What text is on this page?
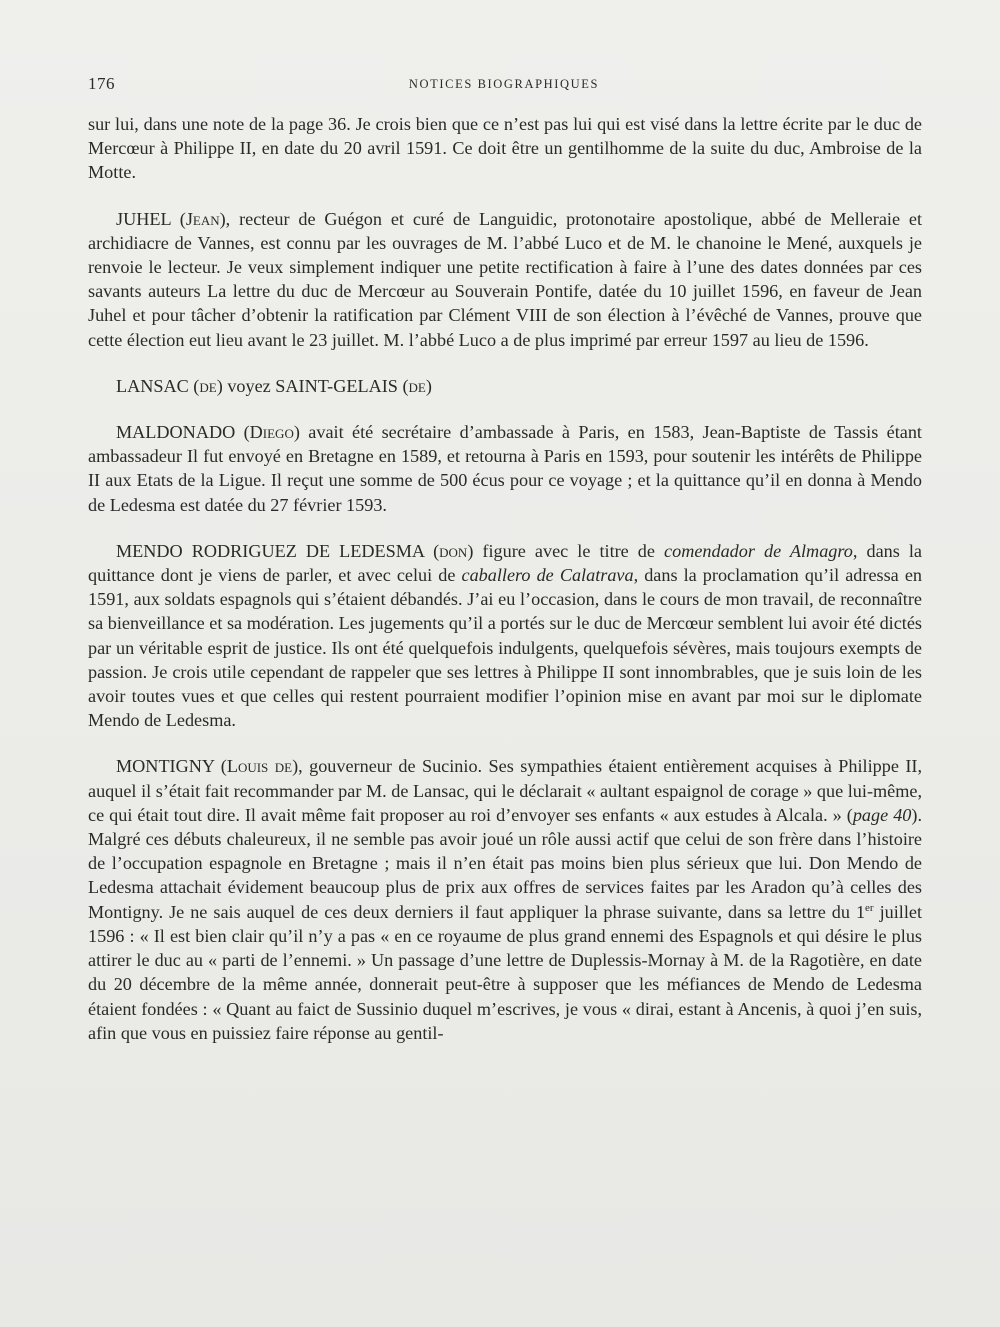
176	NOTICES BIOGRAPHIQUES

sur lui, dans une note de la page 36. Je crois bien que ce n’est pas lui qui est visé dans la lettre écrite par le duc de Mercœur à Philippe II, en date du 20 avril 1591. Ce doit être un gentilhomme de la suite du duc, Ambroise de la Motte.

JUHEL (Jean), recteur de Guégon et curé de Languidic, protonotaire apostolique, abbé de Melleraie et archidiacre de Vannes, est connu par les ouvrages de M. l’abbé Luco et de M. le chanoine le Mené, auxquels je renvoie le lecteur. Je veux simplement indiquer une petite rectification à faire à l’une des dates données par ces savants auteurs La lettre du duc de Mercœur au Souverain Pontife, datée du 10 juillet 1596, en faveur de Jean Juhel et pour tâcher d’obtenir la ratification par Clément VIII de son élection à l’évêché de Vannes, prouve que cette élection eut lieu avant le 23 juillet. M. l’abbé Luco a de plus imprimé par erreur 1597 au lieu de 1596.

LANSAC (de) voyez SAINT-GELAIS (de)

MALDONADO (Diego) avait été secrétaire d’ambassade à Paris, en 1583, Jean-Baptiste de Tassis étant ambassadeur Il fut envoyé en Bretagne en 1589, et retourna à Paris en 1593, pour soutenir les intérêts de Philippe II aux Etats de la Ligue. Il reçut une somme de 500 écus pour ce voyage ; et la quittance qu’il en donna à Mendo de Ledesma est datée du 27 février 1593.

MENDO RODRIGUEZ DE LEDESMA (don) figure avec le titre de comendador de Almagro, dans la quittance dont je viens de parler, et avec celui de caballero de Calatrava, dans la proclamation qu’il adressa en 1591, aux soldats espagnols qui s’étaient débandés. J’ai eu l’occasion, dans le cours de mon travail, de reconnaître sa bienveillance et sa modération. Les jugements qu’il a portés sur le duc de Mercœur semblent lui avoir été dictés par un véritable esprit de justice. Ils ont été quelquefois indulgents, quelquefois sévères, mais toujours exempts de passion. Je crois utile cependant de rappeler que ses lettres à Philippe II sont innombrables, que je suis loin de les avoir toutes vues et que celles qui restent pourraient modifier l’opinion mise en avant par moi sur le diplomate Mendo de Ledesma.

MONTIGNY (Louis de), gouverneur de Sucinio. Ses sympathies étaient entièrement acquises à Philippe II, auquel il s’était fait recommander par M. de Lansac, qui le déclarait « aultant espaignol de corage » que lui-même, ce qui était tout dire. Il avait même fait proposer au roi d’envoyer ses enfants « aux estudes à Alcala. » (page 40). Malgré ces débuts chaleureux, il ne semble pas avoir joué un rôle aussi actif que celui de son frère dans l’histoire de l’occupation espagnole en Bretagne ; mais il n’en était pas moins bien plus sérieux que lui. Don Mendo de Ledesma attachait évidement beaucoup plus de prix aux offres de services faites par les Aradon qu’à celles des Montigny. Je ne sais auquel de ces deux derniers il faut appliquer la phrase suivante, dans sa lettre du 1er juillet 1596 : « Il est bien clair qu’il n’y a pas « en ce royaume de plus grand ennemi des Espagnols et qui désire le plus attirer le duc au « parti de l’ennemi. » Un passage d’une lettre de Duplessis-Mornay à M. de la Ragotière, en date du 20 décembre de la même année, donnerait peut-être à supposer que les méfiances de Mendo de Ledesma étaient fondées : « Quant au faict de Sussinio duquel m’escrives, je vous « dirai, estant à Ancenis, à quoi j’en suis, afin que vous en puissiez faire réponse au gentil-
